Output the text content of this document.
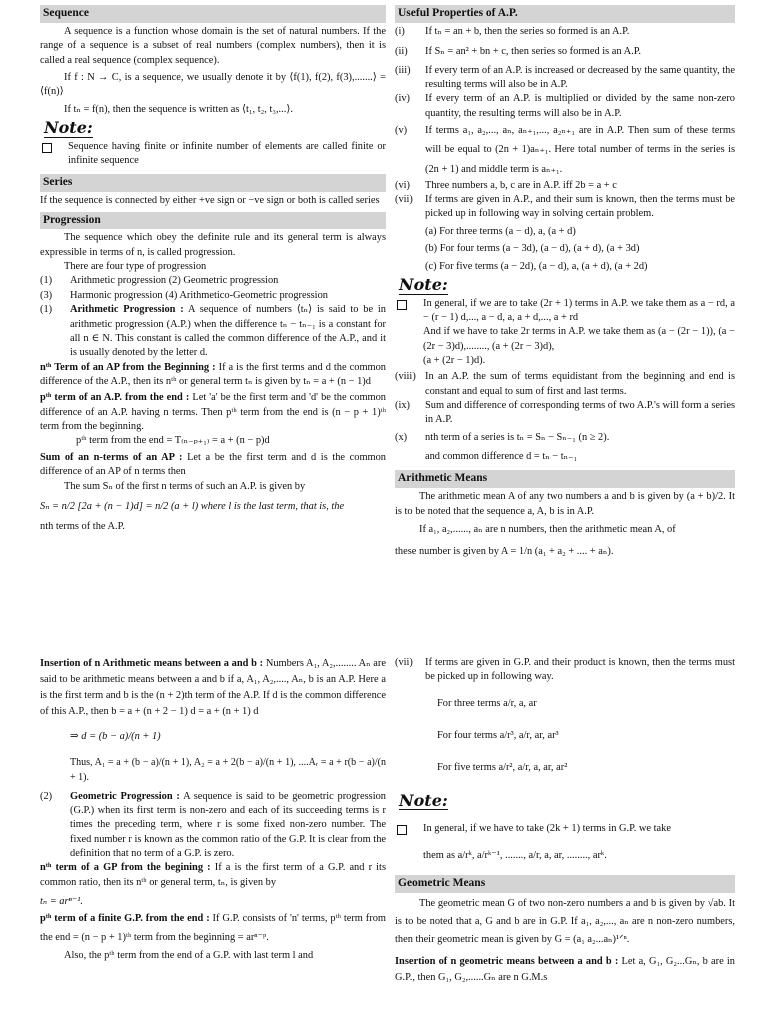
Sequence

A sequence is a function whose domain is the set of natural numbers. If the range of a sequence is a subset of real numbers (complex numbers), then it is called a real sequence (complex sequence).

If f : N → C, is a sequence, we usually denote it by ⟨f(1), f(2), f(3),.......⟩ = ⟨f(n)⟩

If tₙ = f(n), then the sequence is written as ⟨t₁, t₂, t₃,...⟩.

Note:
Sequence having finite or infinite number of elements are called finite or infinite sequence
Series

If the sequence is connected by either +ve sign or −ve sign or both is called series

Progression

The sequence which obey the definite rule and its general term is always expressible in terms of n, is called progression.

There are four type of progression

(1)	Arithmetic progression (2) Geometric progression
(3)	Harmonic progression (4) Arithmetico-Geometric progression
(1)	Arithmetic Progression : A sequence of numbers ⟨tₙ⟩ is said to be in arithmetic progression (A.P.) when the difference tₙ − tₙ₋₁ is a constant for all n ∈ N. This constant is called the common difference of the A.P., and it is usually denoted by the letter d.

nᵗʰ Term of an AP from the Beginning : If a is the first terms and d the common difference of the A.P., then its nᵗʰ or general term tₙ is given by tₙ = a + (n − 1)d

pᵗʰ term of an A.P. from the end : Let 'a' be the first term and 'd' be the common difference of an A.P. having n terms. Then pᵗʰ term from the end is (n − p + 1)ᵗʰ term from the beginning.

pᵗʰ term from the end = T₍ₙ₋ₚ₊₁₎ = a + (n − p)d

Sum of an n-terms of an AP : Let a be the first term and d is the common difference of an AP of n terms then

The sum Sₙ of the first n terms of such an A.P. is given by

Sₙ = n/2 [2a + (n − 1)d] = n/2 (a + l) where l is the last term, that is, the

nth terms of the A.P.

Useful Properties of A.P.
(i)	If tₙ = an + b, then the series so formed is an A.P.
(ii)	If Sₙ = an² + bn + c, then series so formed is an A.P.
(iii)	If every term of an A.P. is increased or decreased by the same quantity, the resulting terms will also be in A.P.
(iv)	If every term of an A.P. is multiplied or divided by the same non-zero quantity, the resulting terms will also be in A.P.
(v)	If terms a₁, a₂,..., aₙ, aₙ₊₁,..., a₂ₙ₊₁ are in A.P. Then sum of these terms will be equal to (2n + 1)aₙ₊₁. Here total number of terms in the series is (2n + 1) and middle term is aₙ₊₁.
(vi)	Three numbers a, b, c are in A.P. iff 2b = a + c
(vii)	If terms are given in A.P., and their sum is known, then the terms must be picked up in following way in solving certain problem.
(a) For three terms (a − d), a, (a + d)
(b) For four terms (a − 3d), (a − d), (a + d), (a + 3d)
(c) For five terms (a − 2d), (a − d), a, (a + d), (a + 2d)
Note:
In general, if we are to take (2r + 1) terms in A.P. we take them as a − rd, a − (r − 1) d,..., a − d, a, a + d,..., a + rd
And if we have to take 2r terms in A.P. we take them as (a − (2r − 1)), (a − (2r − 3)d),........, (a + (2r − 3)d),
(a + (2r − 1)d).
(viii) In an A.P. the sum of terms equidistant from the beginning and end is constant and equal to sum of first and last terms.
(ix)	Sum and difference of corresponding terms of two A.P.'s will form a series in A.P.
(x)	nth term of a series is tₙ = Sₙ − Sₙ₋₁ (n ≥ 2).
and common difference d = tₙ − tₙ₋₁
Arithmetic Means

The arithmetic mean A of any two numbers a and b is given by (a + b)/2. It is to be noted that the sequence a, A, b is in A.P.

If a₁, a₂,......, aₙ are n numbers, then the arithmetic mean A, of

these number is given by A = 1/n (a₁ + a₂ + .... + aₙ).

Insertion of n Arithmetic means between a and b : Numbers A₁, A₂,........ Aₙ are said to be arithmetic means between a and b if a, A₁, A₂,...., Aₙ, b is an A.P. Here a is the first term and b is the (n + 2)th term of the A.P. If d is the common difference of this A.P., then b = a + (n + 2 − 1) d = a + (n + 1) d

⇒ d = (b − a)/(n + 1)

Thus, A₁ = a + (b − a)/(n + 1), A₂ = a + 2(b − a)/(n + 1), ....Aᵣ = a + r(b − a)/(n + 1).

(2)	Geometric Progression : A sequence is said to be geometric progression (G.P.) when its first term is non-zero and each of its succeeding terms is r times the preceding term, where r is some fixed non-zero number. The fixed number r is known as the common ratio of the G.P. It is clear from the definition that no term of a G.P. is zero.

nᵗʰ term of a GP from the begining : If a is the first term of a G.P. and r its common ratio, then its nᵗʰ or general term, tₙ, is given by

tₙ = arⁿ⁻¹.

pᵗʰ term of a finite G.P. from the end : If G.P. consists of 'n' terms, pᵗʰ term from the end = (n − p + 1)ᵗʰ term from the beginning = arⁿ⁻ᵖ.

Also, the pᵗʰ term from the end of a G.P. with last term l and

(vii)	If terms are given in G.P. and their product is known, then the terms must be picked up in following way.
For three terms a/r, a, ar
For four terms a/r³, a/r, ar, ar³
For five terms a/r², a/r, a, ar, ar²
Note:
In general, if we have to take (2k + 1) terms in G.P. we take
them as a/rᵏ, a/rᵏ⁻¹, ......., a/r, a, ar, ........, arᵏ.
Geometric Means

The geometric mean G of two non-zero numbers a and b is given by √ab. It is to be noted that a, G and b are in G.P. If a₁, a₂,..., aₙ are n non-zero numbers, then their geometric mean is given by G = (a₁ a₂...aₙ)¹ᐟⁿ.

Insertion of n geometric means between a and b : Let a, G₁, G₂...Gₙ, b are in G.P., then G₁, G₂,......Gₙ are n G.M.s
